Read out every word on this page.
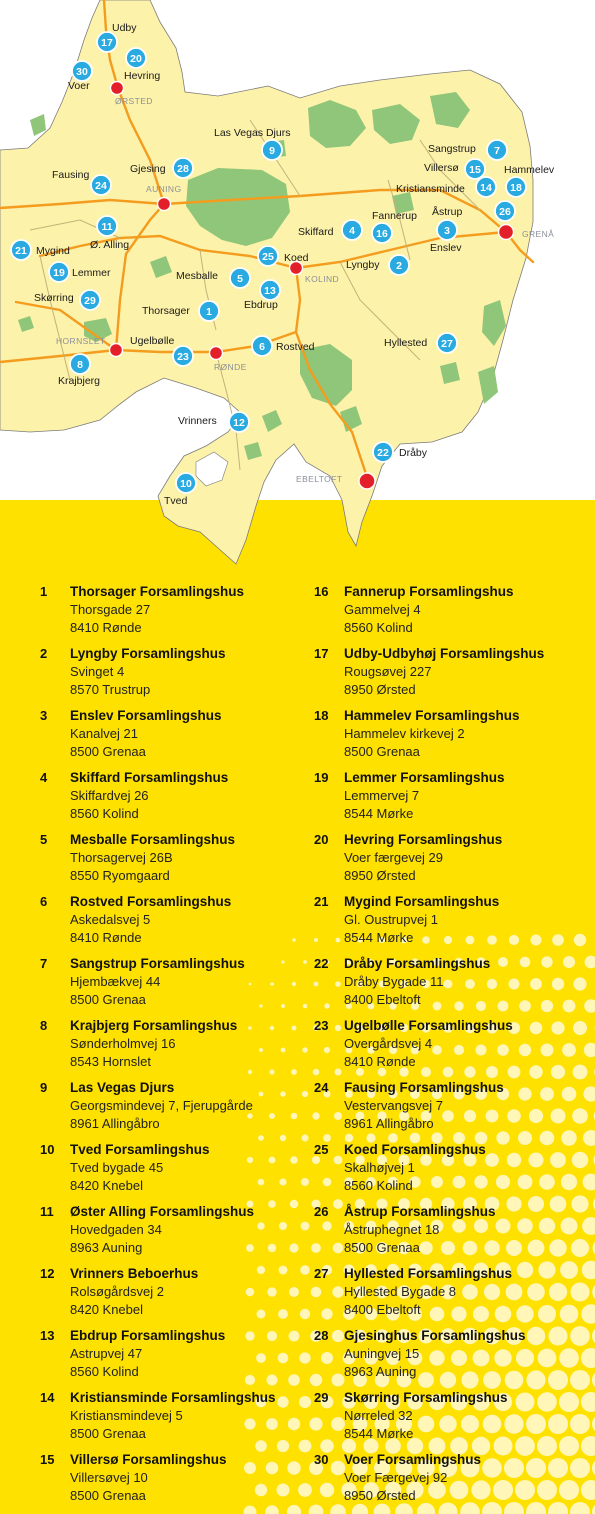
ØRSTED
AUNING
GRENÅ
KOLIND
HORNSLET
RØNDE
EBELTOFT
17
Udby
20
Hevring
30
Voer
9
Las Vegas Djurs
28
Gjesing
24
Fausing
7
Sangstrup
15
Villersø
14
Kristiansminde	18
Hammelev
26
Åstrup
11
Ø. Alling
21 Mygind
19 Lemmer
29
Skørring
4
Skiffard	16
Fannerup
3
Enslev
25 Koed
2
Lyngby
5
Mesballe
13
Ebdrup
1
Thorsager
6 Rostved
23
Ugelbølle
8
Krajbjerg
27
Hyllested
12
Vrinners
22 Dråby
10
Tved
1 Thorsager Forsamlingshus
Thorsgade 27
8410 Rønde
2 Lyngby Forsamlingshus
Svinget 4
8570 Trustrup
3 Enslev Forsamlingshus
Kanalvej 21
8500 Grenaa
4 Skiffard Forsamlingshus
Skiffardvej 26
8560 Kolind
5 Mesballe Forsamlingshus
Thorsagervej 26B
8550 Ryomgaard
6 Rostved Forsamlingshus
Askedalsvej 5
8410 Rønde
7 Sangstrup Forsamlingshus
Hjembækvej 44
8500 Grenaa
8 Krajbjerg Forsamlingshus
Sønderholmvej 16
8543 Hornslet
9 Las Vegas Djurs
Georgsmindevej 7, Fjerupgårde
8961 Allingåbro
10 Tved Forsamlingshus
Tved bygade 45
8420 Knebel
11 Øster Alling Forsamlingshus
Hovedgaden 34
8963 Auning
12 Vrinners Beboerhus
Rolsøgårdsvej 2
8420 Knebel
13 Ebdrup Forsamlingshus
Astrupvej 47
8560 Kolind
14 Kristiansminde Forsamlingshus
Kristiansmindevej 5
8500 Grenaa
15 Villersø Forsamlingshus
Villersøvej 10
8500 Grenaa
16 Fannerup Forsamlingshus
Gammelvej 4
8560 Kolind
17 Udby-Udbyhøj Forsamlingshus
Rougsøvej 227
8950 Ørsted
18 Hammelev Forsamlingshus
Hammelev kirkevej 2
8500 Grenaa
19 Lemmer Forsamlingshus
Lemmervej 7
8544 Mørke
20 Hevring Forsamlingshus
Voer færgevej 29
8950 Ørsted
21 Mygind Forsamlingshus
Gl. Oustrupvej 1
8544 Mørke
22 Dråby Forsamlingshus
Dråby Bygade 11
8400 Ebeltoft
23 Ugelbølle Forsamlingshus
Overgårdsvej 4
8410 Rønde
24 Fausing Forsamlingshus
Vestervangsvej 7
8961 Allingåbro
25 Koed Forsamlingshus
Skalhøjvej 1
8560 Kolind
26 Åstrup Forsamlingshus
Åstruphegnet 18
8500 Grenaa
27 Hyllested Forsamlingshus
Hyllested Bygade 8
8400 Ebeltoft
28 Gjesinghus Forsamlingshus
Auningvej 15
8963 Auning
29 Skørring Forsamlingshus
Nørreled 32
8544 Mørke
30 Voer Forsamlingshus
Voer Færgevej 92
8950 Ørsted
